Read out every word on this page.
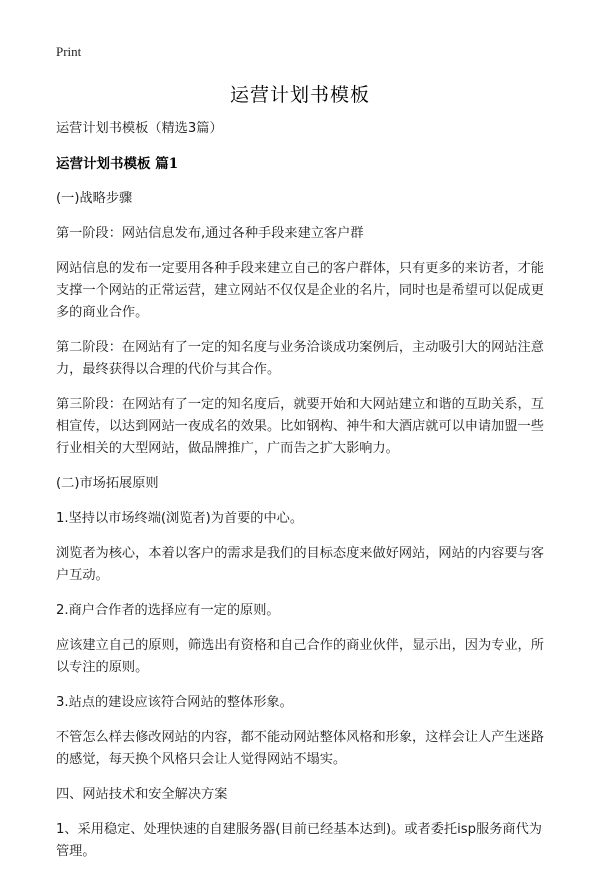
Print
运营计划书模板

运营计划书模板（精选3篇）

运营计划书模板 篇1

(一)战略步骤

第一阶段：网站信息发布,通过各种手段来建立客户群

网站信息的发布一定要用各种手段来建立自己的客户群体，只有更多的来访者，才能支撑一个网站的正常运营，建立网站不仅仅是企业的名片，同时也是希望可以促成更多的商业合作。

第二阶段：在网站有了一定的知名度与业务洽谈成功案例后，主动吸引大的网站注意力，最终获得以合理的代价与其合作。

第三阶段：在网站有了一定的知名度后，就要开始和大网站建立和谐的互助关系，互相宣传，以达到网站一夜成名的效果。比如钢构、神牛和大酒店就可以申请加盟一些行业相关的大型网站，做品牌推广，广而告之扩大影响力。

(二)市场拓展原则

1.坚持以市场终端(浏览者)为首要的中心。

浏览者为核心，本着以客户的需求是我们的目标态度来做好网站，网站的内容要与客户互动。

2.商户合作者的选择应有一定的原则。

应该建立自己的原则，筛选出有资格和自己合作的商业伙伴，显示出，因为专业，所以专注的原则。

3.站点的建设应该符合网站的整体形象。

不管怎么样去修改网站的内容，都不能动网站整体风格和形象，这样会让人产生迷路的感觉，每天换个风格只会让人觉得网站不塌实。

四、网站技术和安全解决方案

1、采用稳定、处理快速的自建服务器(目前已经基本达到)。或者委托isp服务商代为管理。
